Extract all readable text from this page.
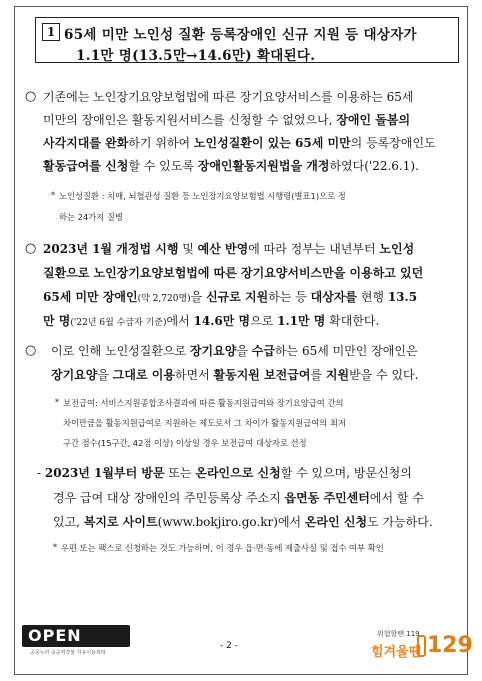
1 65세 미만 노인성 질환 등록장애인 신규 지원 등 대상자가
1.1만 명(13.5만→14.6만) 확대된다.
○ 기존에는 노인장기요양보험법에 따른 장기요양서비스를 이용하는 65세
미만의 장애인은 활동지원서비스를 신청할 수 없었으나, 장애인 돌봄의
사각지대를 완화하기 위하여 노인성질환이 있는 65세 미만의 등록장애인도
활동급여를 신청할 수 있도록 장애인활동지원법을 개정하였다('22.6.1).
* 노인성질환 : 치매, 뇌혈관성 질환 등 노인장기요양보험법 시행령(별표1)으로 정
하는 24가지 질병
○ 2023년 1월 개정법 시행 및 예산 반영에 따라 정부는 내년부터 노인성
질환으로 노인장기요양보험법에 따른 장기요양서비스만을 이용하고 있던
65세 미만 장애인(약 2,720명)을 신규로 지원하는 등 대상자를 현행 13.5
만 명('22년 6월 수급자 기준)에서 14.6만 명으로 1.1만 명 확대한다.
○ 이로 인해 노인성질환으로 장기요양을 수급하는 65세 미만인 장애인은
장기요양을 그대로 이용하면서 활동지원 보전급여를 지원받을 수 있다.
* 보전급여: 서비스지원종합조사결과에 따른 활동지원급여와 장기요양급여 간의
차이만큼을 활동지원급여로 지원하는 제도로서 그 차이가 활동지원급여의 최저
구간 점수(15구간, 42점 이상) 이상일 경우 보전급여 대상자로 선정
- 2023년 1월부터 방문 또는 온라인으로 신청할 수 있으며, 방문신청의
경우 급여 대상 장애인의 주민등록상 주소지 읍면동 주민센터에서 할 수
있고, 복지로 사이트(www.bokjiro.go.kr)에서 온라인 신청도 가능하다.
* 우편 또는 팩스로 신청하는 것도 가능하며, 이 경우 읍·면·동에 제출사실 및 접수 여부 확인
OPEN
공공누리 공공저작물 자유이용허락
- 2 -
위험할땐 119
힘겨울땐 129
